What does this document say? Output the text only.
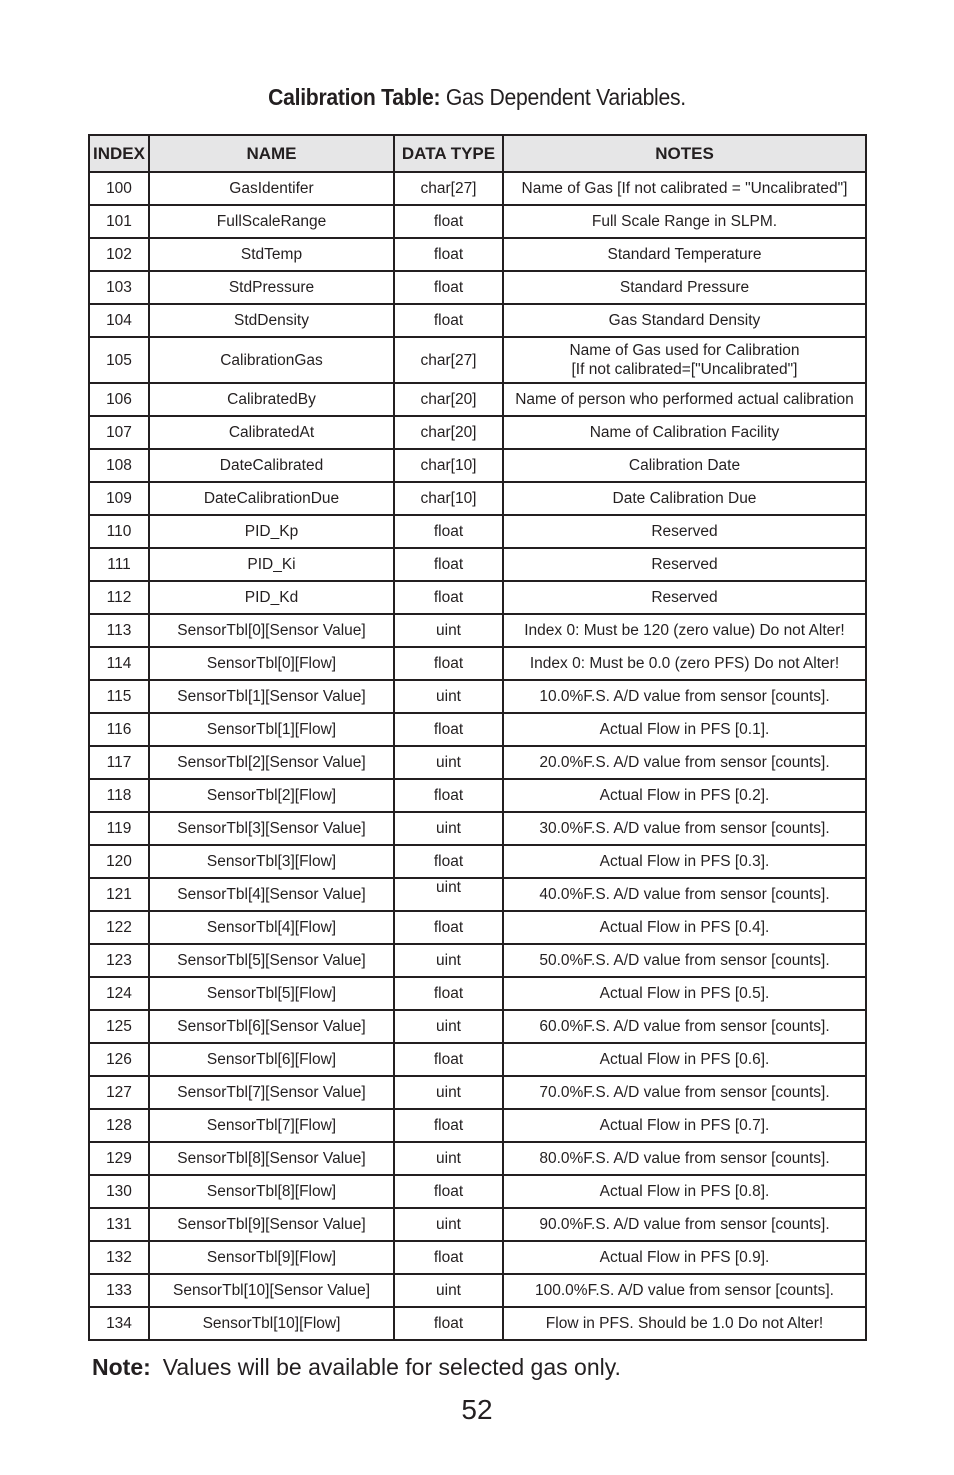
Calibration Table: Gas Dependent Variables.
INDEX	NAME	DATA TYPE	NOTES
100	GasIdentifer	char[27]	Name of Gas [If not calibrated = "Uncalibrated"]
101	FullScaleRange	float	Full Scale Range in SLPM.
102	StdTemp	float	Standard Temperature
103	StdPressure	float	Standard Pressure
104	StdDensity	float	Gas Standard Density
105	CalibrationGas	char[27]	Name of Gas used for Calibration
[If not calibrated=["Uncalibrated"]

106	CalibratedBy	char[20]	Name of person who performed actual calibration
107	CalibratedAt	char[20]	Name of Calibration Facility
108	DateCalibrated	char[10]	Calibration Date
109	DateCalibrationDue	char[10]	Date Calibration Due
110	PID_Kp	float	Reserved
111	PID_Ki	float	Reserved
112	PID_Kd	float	Reserved
113	SensorTbl[0][Sensor Value]	uint	Index 0: Must be 120 (zero value) Do not Alter!
114	SensorTbl[0][Flow]	float	Index 0: Must be 0.0 (zero PFS) Do not Alter!
115	SensorTbl[1][Sensor Value]	uint	10.0%F.S. A/D value from sensor [counts].
116	SensorTbl[1][Flow]	float	Actual Flow in PFS [0.1].
117	SensorTbl[2][Sensor Value]	uint	20.0%F.S. A/D value from sensor [counts].
118	SensorTbl[2][Flow]	float	Actual Flow in PFS [0.2].
119	SensorTbl[3][Sensor Value]	uint	30.0%F.S. A/D value from sensor [counts].
120	SensorTbl[3][Flow]	float	Actual Flow in PFS [0.3].
121	SensorTbl[4][Sensor Value]	uint	40.0%F.S. A/D value from sensor [counts].
122	SensorTbl[4][Flow]	float	Actual Flow in PFS [0.4].
123	SensorTbl[5][Sensor Value]	uint	50.0%F.S. A/D value from sensor [counts].
124	SensorTbl[5][Flow]	float	Actual Flow in PFS [0.5].
125	SensorTbl[6][Sensor Value]	uint	60.0%F.S. A/D value from sensor [counts].
126	SensorTbl[6][Flow]	float	Actual Flow in PFS [0.6].
127	SensorTbl[7][Sensor Value]	uint	70.0%F.S. A/D value from sensor [counts].
128	SensorTbl[7][Flow]	float	Actual Flow in PFS [0.7].
129	SensorTbl[8][Sensor Value]	uint	80.0%F.S. A/D value from sensor [counts].
130	SensorTbl[8][Flow]	float	Actual Flow in PFS [0.8].
131	SensorTbl[9][Sensor Value]	uint	90.0%F.S. A/D value from sensor [counts].
132	SensorTbl[9][Flow]	float	Actual Flow in PFS [0.9].
133	SensorTbl[10][Sensor Value]	uint	100.0%F.S. A/D value from sensor [counts].
134	SensorTbl[10][Flow]	float	Flow in PFS. Should be 1.0 Do not Alter!
Note: Values will be available for selected gas only.
52
